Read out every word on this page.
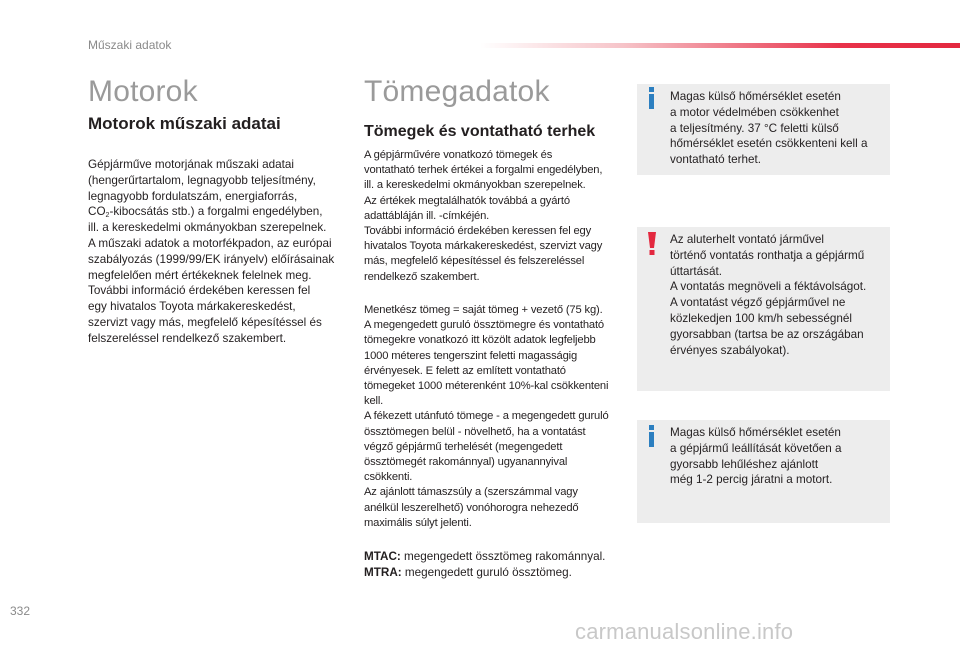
Műszaki adatok
Motorok
Motorok műszaki adatai

Gépjárműve motorjának műszaki adatai
(hengerűrtartalom, legnagyobb teljesítmény,
legnagyobb fordulatszám, energiaforrás,
$CO_2$-kibocsátás stb.) a forgalmi engedélyben,
ill. a kereskedelmi okmányokban szerepelnek.
A műszaki adatok a motorfékpadon, az európai
szabályozás (1999/99/EK irányelv) előírásainak
megfelelően mért értékeknek felelnek meg.
További információ érdekében keressen fel
egy hivatalos Toyota márkakereskedést,
szervizt vagy más, megfelelő képesítéssel és
felszereléssel rendelkező szakembert.

Tömegadatok
Tömegek és vontatható terhek

A gépjárművére vonatkozó tömegek és
vontatható terhek értékei a forgalmi engedélyben,
ill. a kereskedelmi okmányokban szerepelnek.
Az értékek megtalálhatók továbbá a gyártó
adattábláján ill. -címkéjén.
További információ érdekében keressen fel egy
hivatalos Toyota márkakereskedést, szervizt vagy
más, megfelelő képesítéssel és felszereléssel
rendelkező szakembert.

Menetkész tömeg = saját tömeg + vezető (75 kg).
A megengedett guruló össztömegre és vontatható
tömegekre vonatkozó itt közölt adatok legfeljebb
1000 méteres tengerszint feletti magasságig
érvényesek. E felett az említett vontatható
tömegeket 1000 méterenként 10%-kal csökkenteni
kell.
A fékezett utánfutó tömege - a megengedett guruló
össztömegen belül - növelhető, ha a vontatást
végző gépjármű terhelését (megengedett
össztömegét rakománnyal) ugyanannyival
csökkenti.
Az ajánlott támaszsúly a (szerszámmal vagy
anélkül leszerelhető) vonóhorogra nehezedő
maximális súlyt jelenti.

MTAC: megengedett össztömeg rakománnyal.
MTRA: megengedett guruló össztömeg.
Magas külső hőmérséklet esetén
a motor védelmében csökkenhet
a teljesítmény. 37 °C feletti külső
hőmérséklet esetén csökkenteni kell a
vontatható terhet.
Az aluterhelt vontató járművel
történő vontatás ronthatja a gépjármű
úttartását.
A vontatás megnöveli a féktávolságot.
A vontatást végző gépjárművel ne
közlekedjen 100 km/h sebességnél
gyorsabban (tartsa be az országában
érvényes szabályokat).
Magas külső hőmérséklet esetén
a gépjármű leállítását követően a
gyorsabb lehűléshez ajánlott
még 1-2 percig járatni a motort.
332
carmanualsonline.info
